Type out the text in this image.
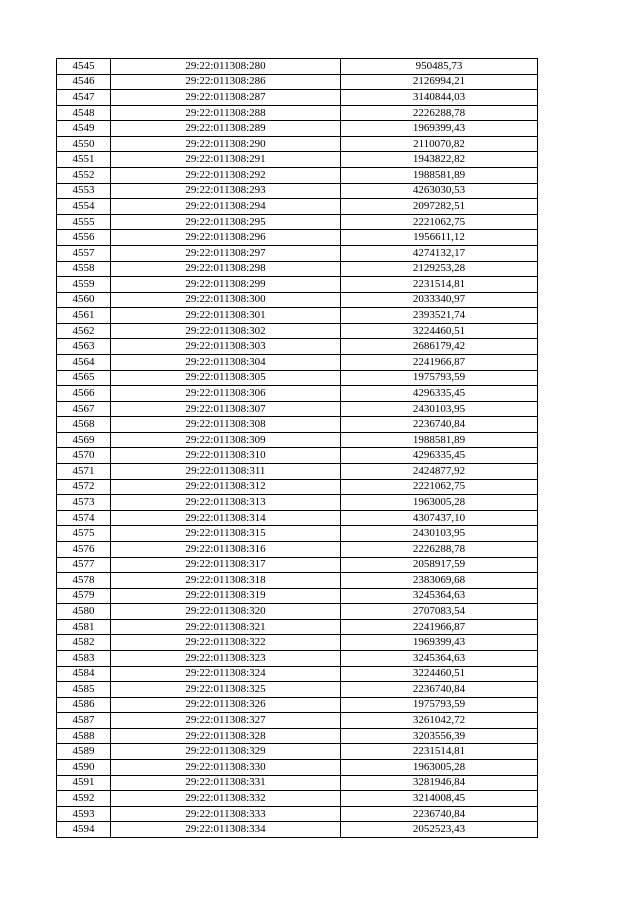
4545	29:22:011308:280	950485,73
4546	29:22:011308:286	2126994,21
4547	29:22:011308:287	3140844,03
4548	29:22:011308:288	2226288,78
4549	29:22:011308:289	1969399,43
4550	29:22:011308:290	2110070,82
4551	29:22:011308:291	1943822,82
4552	29:22:011308:292	1988581,89
4553	29:22:011308:293	4263030,53
4554	29:22:011308:294	2097282,51
4555	29:22:011308:295	2221062,75
4556	29:22:011308:296	1956611,12
4557	29:22:011308:297	4274132,17
4558	29:22:011308:298	2129253,28
4559	29:22:011308:299	2231514,81
4560	29:22:011308:300	2033340,97
4561	29:22:011308:301	2393521,74
4562	29:22:011308:302	3224460,51
4563	29:22:011308:303	2686179,42
4564	29:22:011308:304	2241966,87
4565	29:22:011308:305	1975793,59
4566	29:22:011308:306	4296335,45
4567	29:22:011308:307	2430103,95
4568	29:22:011308:308	2236740,84
4569	29:22:011308:309	1988581,89
4570	29:22:011308:310	4296335,45
4571	29:22:011308:311	2424877,92
4572	29:22:011308:312	2221062,75
4573	29:22:011308:313	1963005,28
4574	29:22:011308:314	4307437,10
4575	29:22:011308:315	2430103,95
4576	29:22:011308:316	2226288,78
4577	29:22:011308:317	2058917,59
4578	29:22:011308:318	2383069,68
4579	29:22:011308:319	3245364,63
4580	29:22:011308:320	2707083,54
4581	29:22:011308:321	2241966,87
4582	29:22:011308:322	1969399,43
4583	29:22:011308:323	3245364,63
4584	29:22:011308:324	3224460,51
4585	29:22:011308:325	2236740,84
4586	29:22:011308:326	1975793,59
4587	29:22:011308:327	3261042,72
4588	29:22:011308:328	3203556,39
4589	29:22:011308:329	2231514,81
4590	29:22:011308:330	1963005,28
4591	29:22:011308:331	3281946,84
4592	29:22:011308:332	3214008,45
4593	29:22:011308:333	2236740,84
4594	29:22:011308:334	2052523,43
